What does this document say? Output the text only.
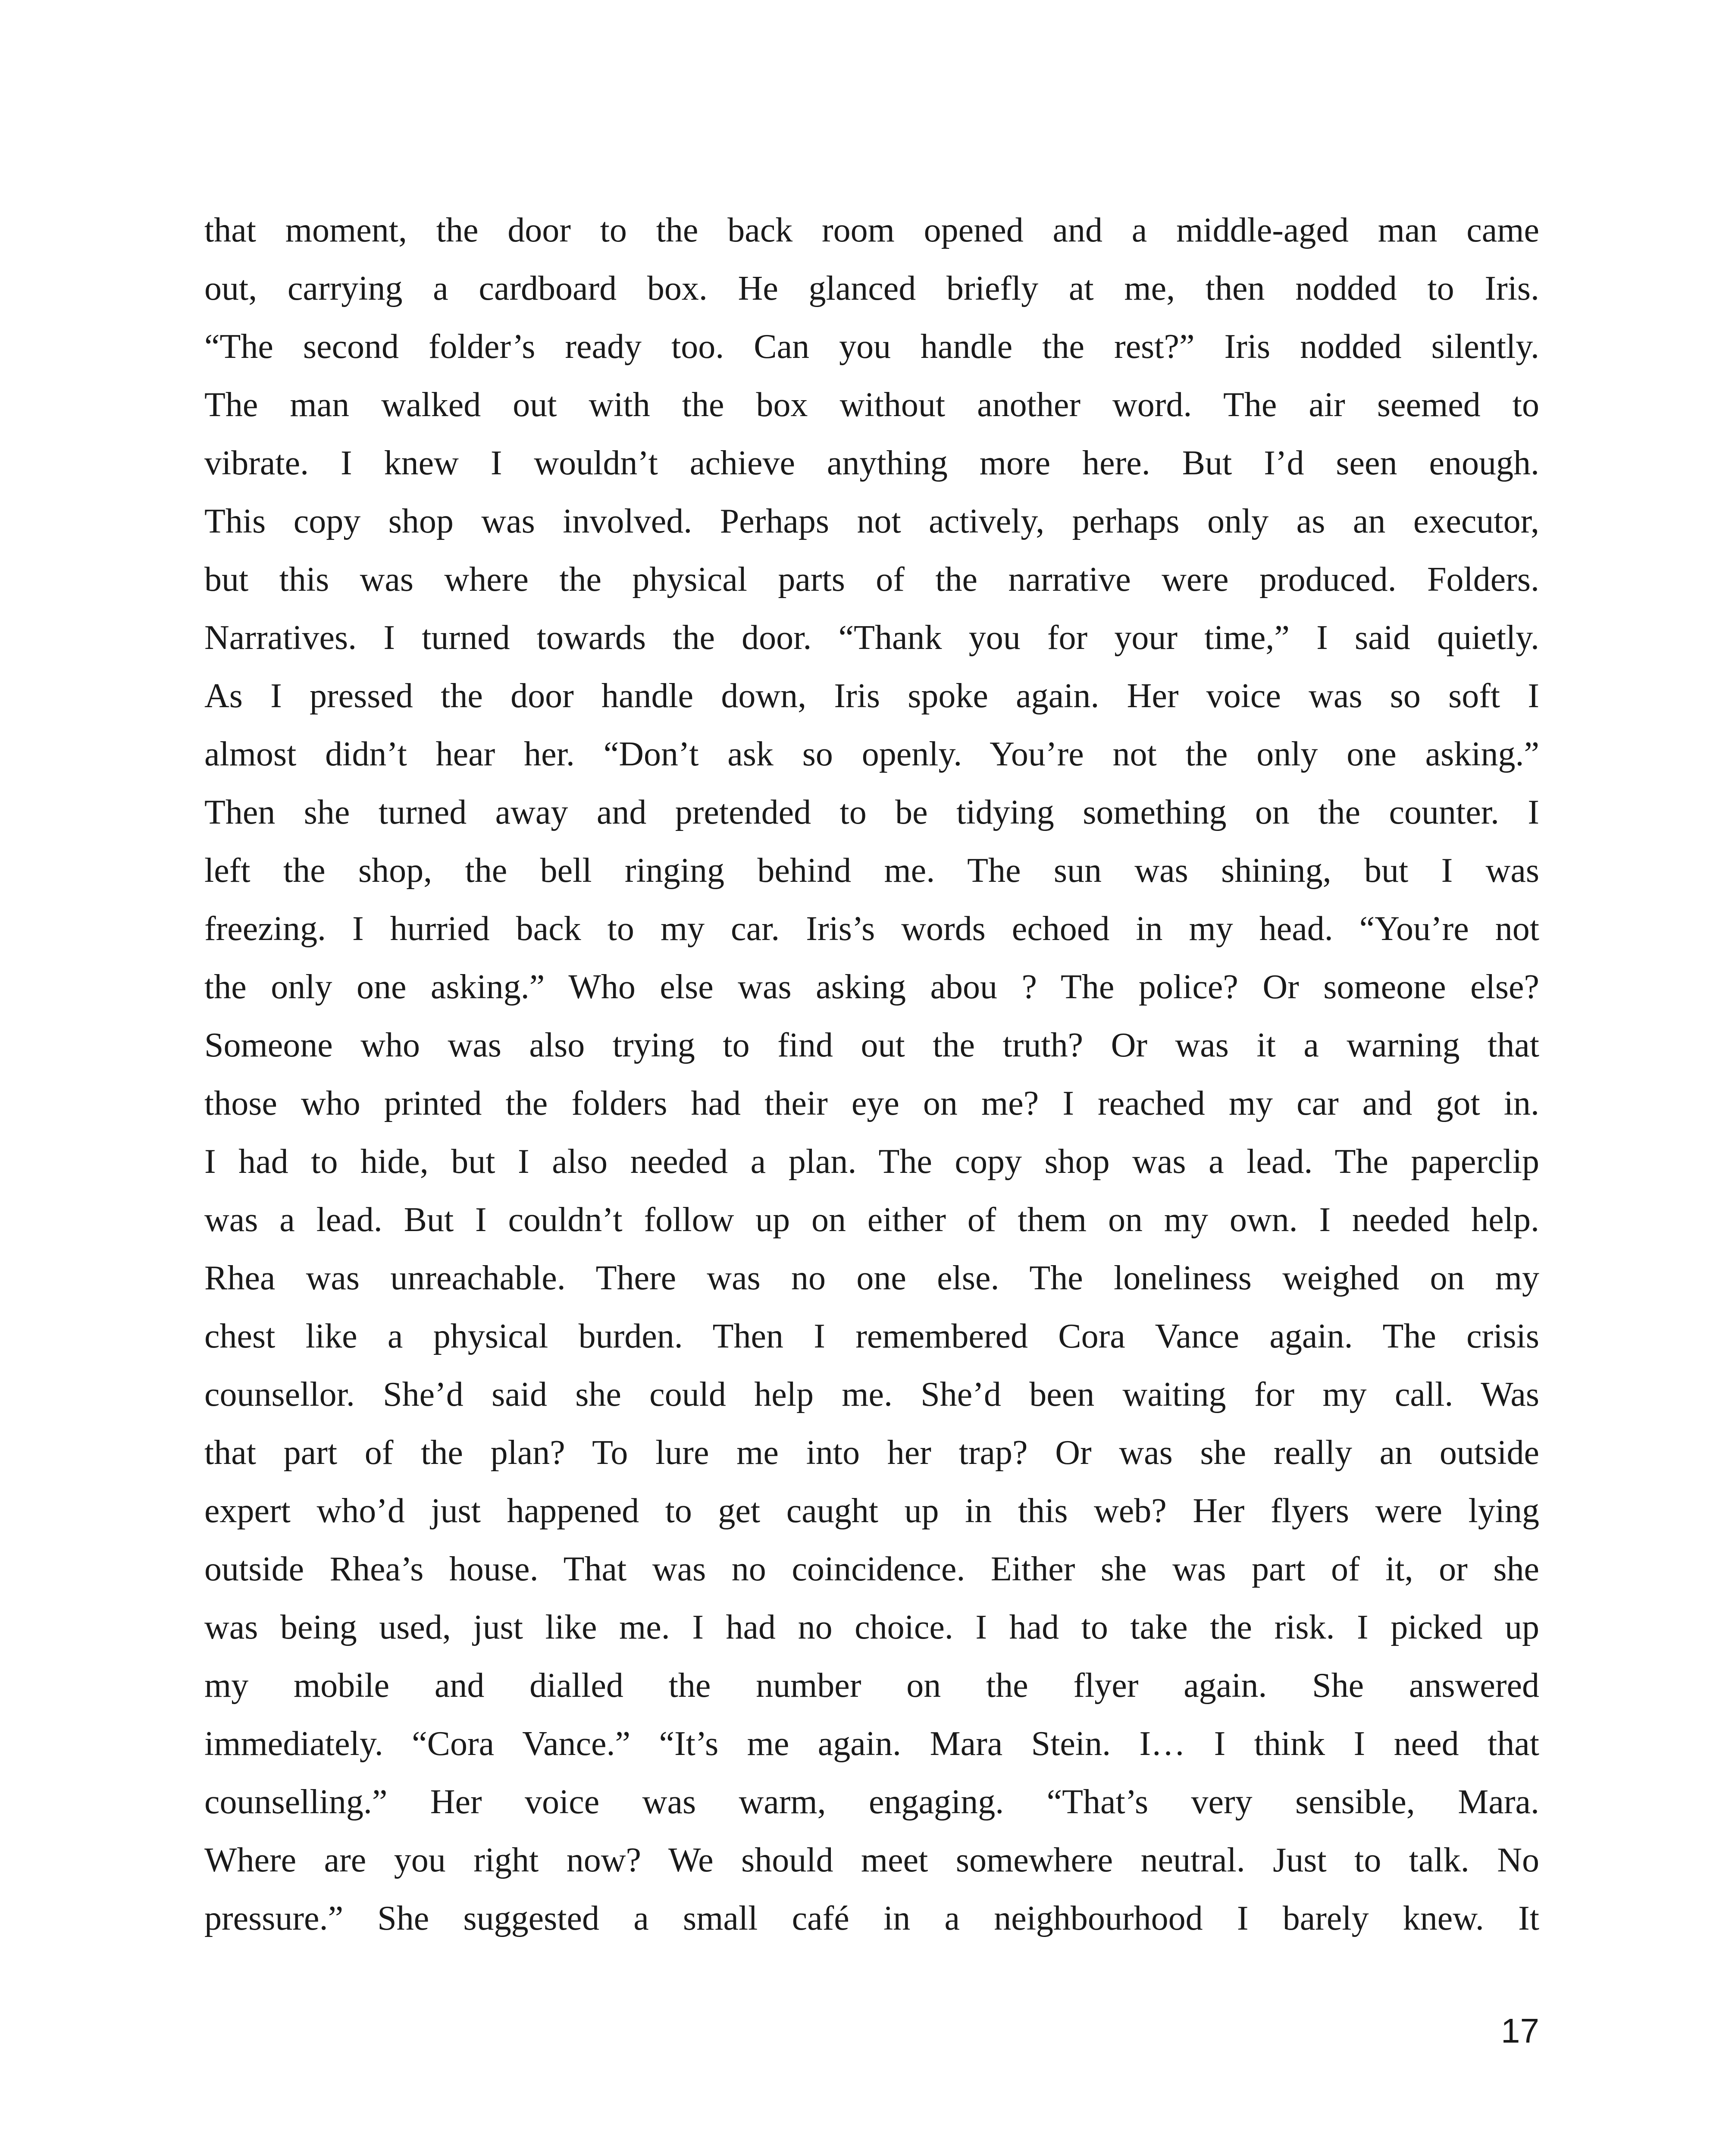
that moment, the door to the back room opened and a middle-aged man came
out, carrying a cardboard box. He glanced briefly at me, then nodded to Iris.
“The second folder’s ready too. Can you handle the rest?” Iris nodded silently.
The man walked out with the box without another word. The air seemed to
vibrate. I knew I wouldn’t achieve anything more here. But I’d seen enough.
This copy shop was involved. Perhaps not actively, perhaps only as an executor,
but this was where the physical parts of the narrative were produced. Folders.
Narratives. I turned towards the door. “Thank you for your time,” I said quietly.
As I pressed the door handle down, Iris spoke again. Her voice was so soft I
almost didn’t hear her. “Don’t ask so openly. You’re not the only one asking.”
Then she turned away and pretended to be tidying something on the counter. I
left the shop, the bell ringing behind me. The sun was shining, but I was
freezing. I hurried back to my car. Iris’s words echoed in my head. “You’re not
the only one asking.” Who else was asking abou ? The police? Or someone else?
Someone who was also trying to find out the truth? Or was it a warning that
those who printed the folders had their eye on me? I reached my car and got in.
I had to hide, but I also needed a plan. The copy shop was a lead. The paperclip
was a lead. But I couldn’t follow up on either of them on my own. I needed help.
Rhea was unreachable. There was no one else. The loneliness weighed on my
chest like a physical burden. Then I remembered Cora Vance again. The crisis
counsellor. She’d said she could help me. She’d been waiting for my call. Was
that part of the plan? To lure me into her trap? Or was she really an outside
expert who’d just happened to get caught up in this web? Her flyers were lying
outside Rhea’s house. That was no coincidence. Either she was part of it, or she
was being used, just like me. I had no choice. I had to take the risk. I picked up
my mobile and dialled the number on the flyer again. She answered
immediately. “Cora Vance.” “It’s me again. Mara Stein. I… I think I need that
counselling.” Her voice was warm, engaging. “That’s very sensible, Mara.
Where are you right now? We should meet somewhere neutral. Just to talk. No
pressure.” She suggested a small café in a neighbourhood I barely knew. It
17
